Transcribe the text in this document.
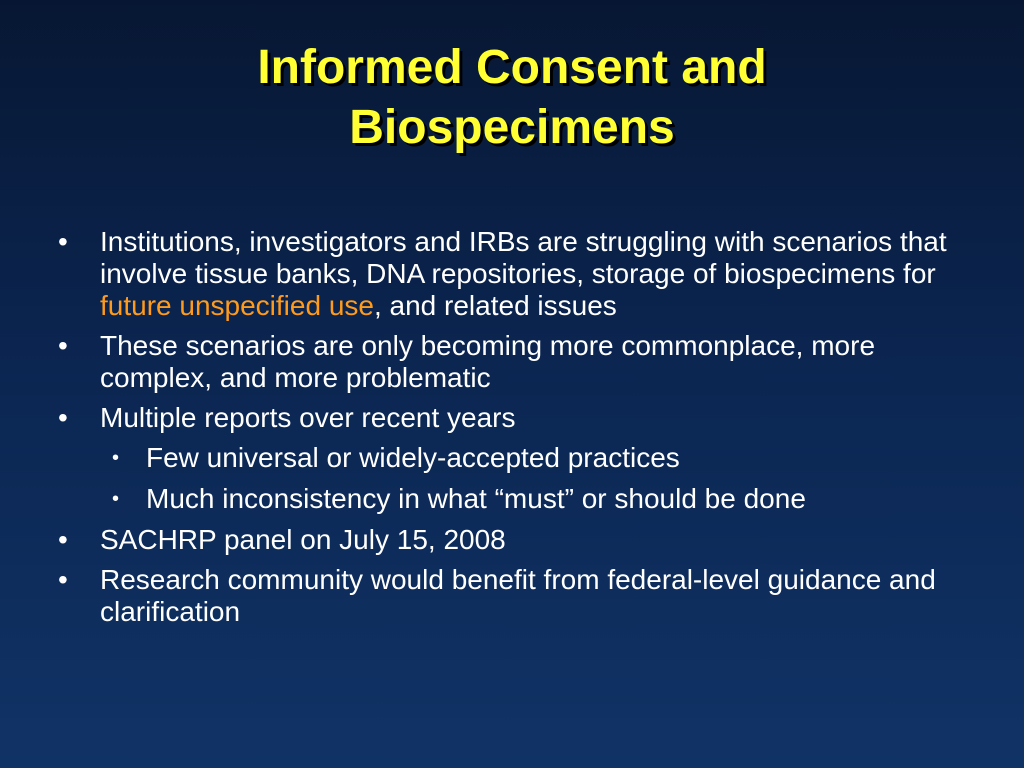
Informed Consent and
Biospecimens
• Institutions, investigators and IRBs are struggling with scenarios that involve tissue banks, DNA repositories, storage of biospecimens for future unspecified use, and related issues
• These scenarios are only becoming more commonplace, more complex, and more problematic
• Multiple reports over recent years
• Few universal or widely-accepted practices
• Much inconsistency in what “must” or should be done
• SACHRP panel on July 15, 2008
• Research community would benefit from federal-level guidance and clarification
